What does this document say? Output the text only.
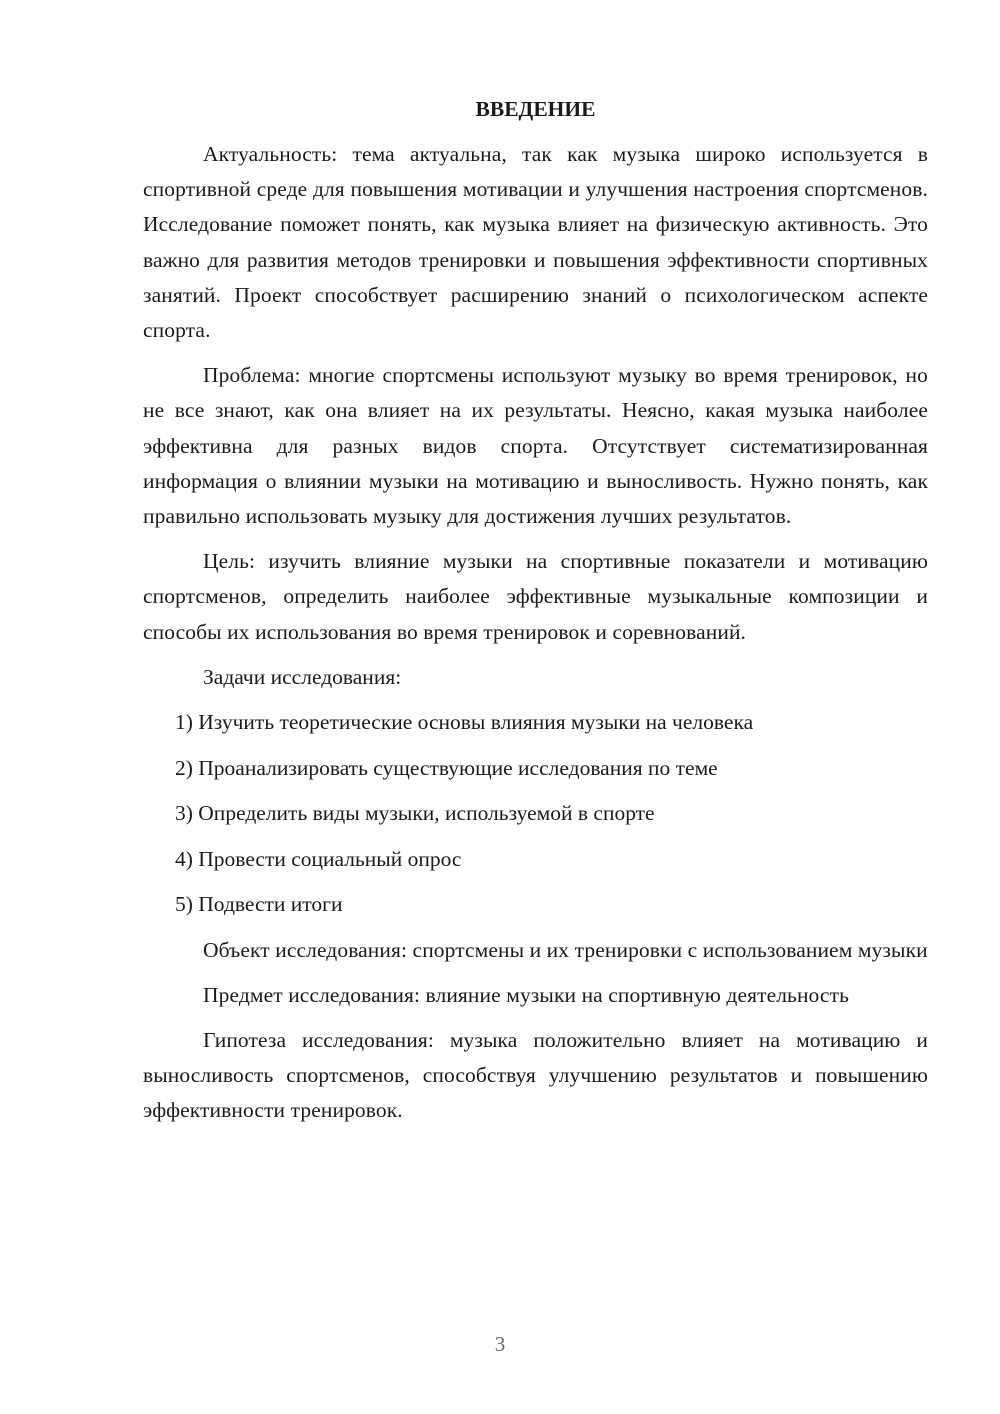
ВВЕДЕНИЕ

Актуальность: тема актуальна, так как музыка широко используется в спортивной среде для повышения мотивации и улучшения настроения спортсменов. Исследование поможет понять, как музыка влияет на физическую активность. Это важно для развития методов тренировки и повышения эффективности спортивных занятий. Проект способствует расширению знаний о психологическом аспекте спорта.

Проблема: многие спортсмены используют музыку во время тренировок, но не все знают, как она влияет на их результаты. Неясно, какая музыка наиболее эффективна для разных видов спорта. Отсутствует систематизированная информация о влиянии музыки на мотивацию и выносливость. Нужно понять, как правильно использовать музыку для достижения лучших результатов.

Цель: изучить влияние музыки на спортивные показатели и мотивацию спортсменов, определить наиболее эффективные музыкальные композиции и способы их использования во время тренировок и соревнований.

Задачи исследования:
1) Изучить теоретические основы влияния музыки на человека
2) Проанализировать существующие исследования по теме
3) Определить виды музыки, используемой в спорте
4) Провести социальный опрос
5) Подвести итоги

Объект исследования: спортсмены и их тренировки с использованием музыки

Предмет исследования: влияние музыки на спортивную деятельность

Гипотеза исследования: музыка положительно влияет на мотивацию и выносливость спортсменов, способствуя улучшению результатов и повышению эффективности тренировок.

3
